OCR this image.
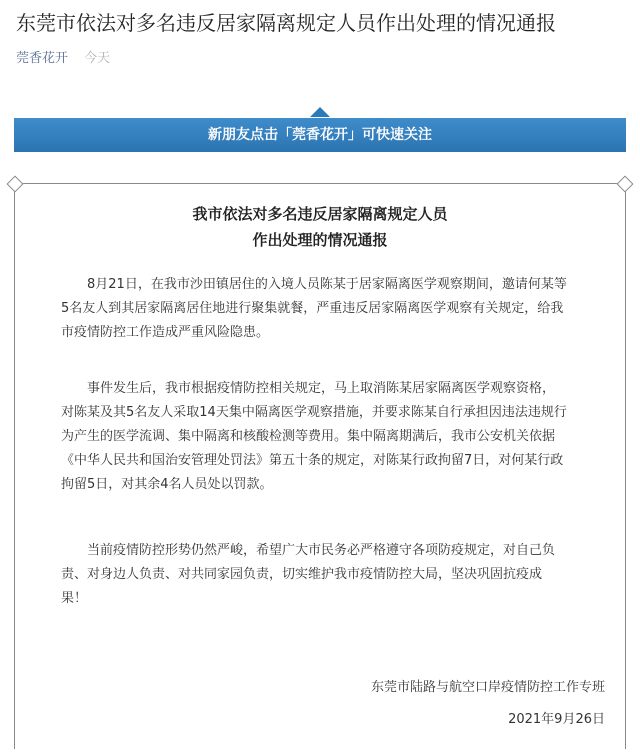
东莞市依法对多名违反居家隔离规定人员作出处理的情况通报
莞香花开 今天
新朋友点击「莞香花开」可快速关注
我市依法对多名违反居家隔离规定人员
作出处理的情况通报
8月21日，在我市沙田镇居住的入境人员陈某于居家隔离医学观察期间，邀请何某等
5名友人到其居家隔离居住地进行聚集就餐，严重违反居家隔离医学观察有关规定，给我
市疫情防控工作造成严重风险隐患。
事件发生后，我市根据疫情防控相关规定，马上取消陈某居家隔离医学观察资格，
对陈某及其5名友人采取14天集中隔离医学观察措施，并要求陈某自行承担因违法违规行
为产生的医学流调、集中隔离和核酸检测等费用。集中隔离期满后，我市公安机关依据
《中华人民共和国治安管理处罚法》第五十条的规定，对陈某行政拘留7日，对何某行政
拘留5日，对其余4名人员处以罚款。
当前疫情防控形势仍然严峻，希望广大市民务必严格遵守各项防疫规定，对自己负
责、对身边人负责、对共同家园负责，切实维护我市疫情防控大局，坚决巩固抗疫成
果！
东莞市陆路与航空口岸疫情防控工作专班
2021年9月26日
